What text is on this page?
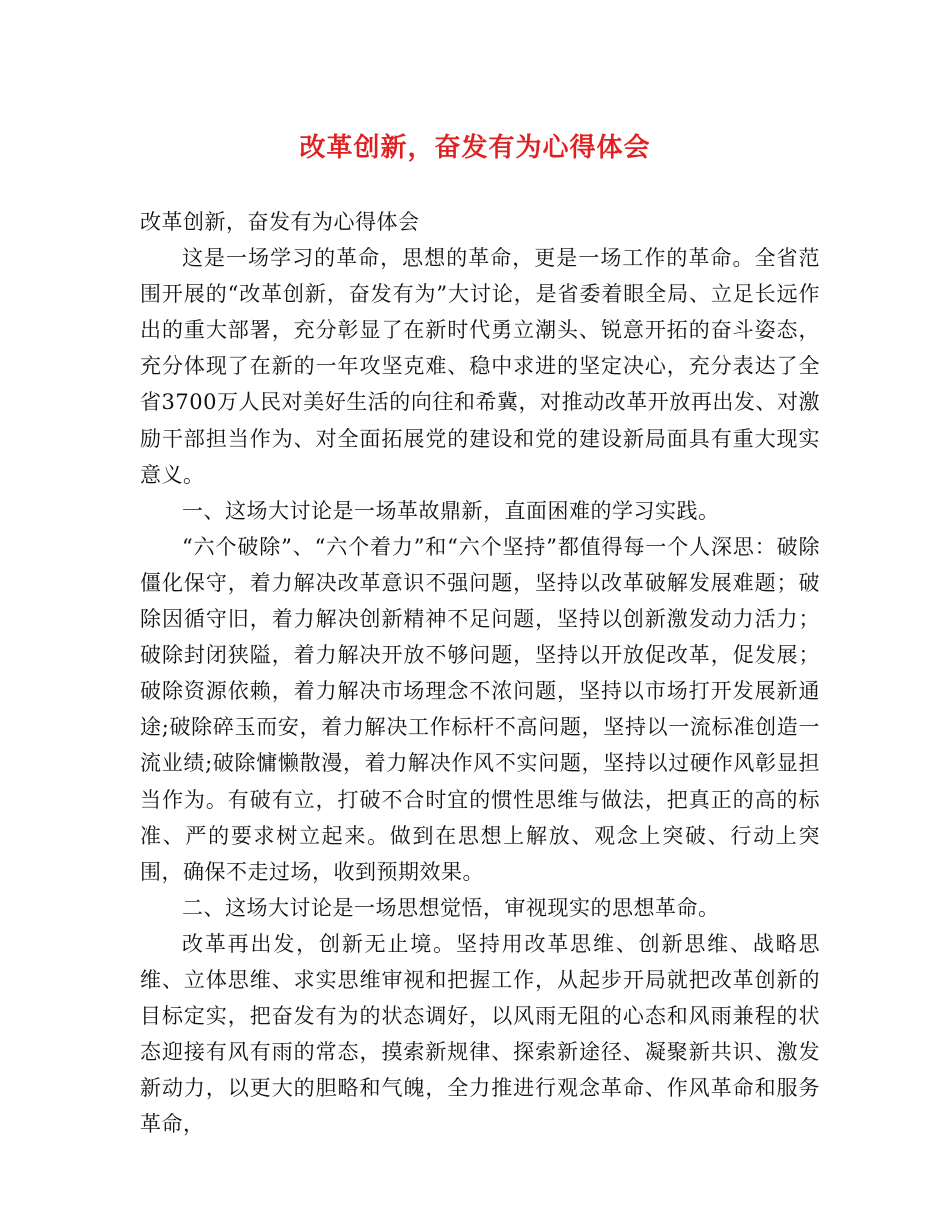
改革创新，奋发有为心得体会

改革创新，奋发有为心得体会

这是一场学习的革命，思想的革命，更是一场工作的革命。全省范围开展的“改革创新，奋发有为”大讨论，是省委着眼全局、立足长远作出的重大部署，充分彰显了在新时代勇立潮头、锐意开拓的奋斗姿态，充分体现了在新的一年攻坚克难、稳中求进的坚定决心，充分表达了全省3700万人民对美好生活的向往和希冀，对推动改革开放再出发、对激励干部担当作为、对全面拓展党的建设和党的建设新局面具有重大现实意义。

一、这场大讨论是一场革故鼎新，直面困难的学习实践。

“六个破除”、“六个着力”和“六个坚持”都值得每一个人深思：破除僵化保守，着力解决改革意识不强问题，坚持以改革破解发展难题；破除因循守旧，着力解决创新精神不足问题，坚持以创新激发动力活力；破除封闭狭隘，着力解决开放不够问题，坚持以开放促改革，促发展；破除资源依赖，着力解决市场理念不浓问题，坚持以市场打开发展新通途;破除碎玉而安，着力解决工作标杆不高问题，坚持以一流标准创造一流业绩;破除慵懒散漫，着力解决作风不实问题，坚持以过硬作风彰显担当作为。有破有立，打破不合时宜的惯性思维与做法，把真正的高的标准、严的要求树立起来。做到在思想上解放、观念上突破、行动上突围，确保不走过场，收到预期效果。

二、这场大讨论是一场思想觉悟，审视现实的思想革命。

改革再出发，创新无止境。坚持用改革思维、创新思维、战略思维、立体思维、求实思维审视和把握工作，从起步开局就把改革创新的目标定实，把奋发有为的状态调好，以风雨无阻的心态和风雨兼程的状态迎接有风有雨的常态，摸索新规律、探索新途径、凝聚新共识、激发新动力，以更大的胆略和气魄，全力推进行观念革命、作风革命和服务革命，
